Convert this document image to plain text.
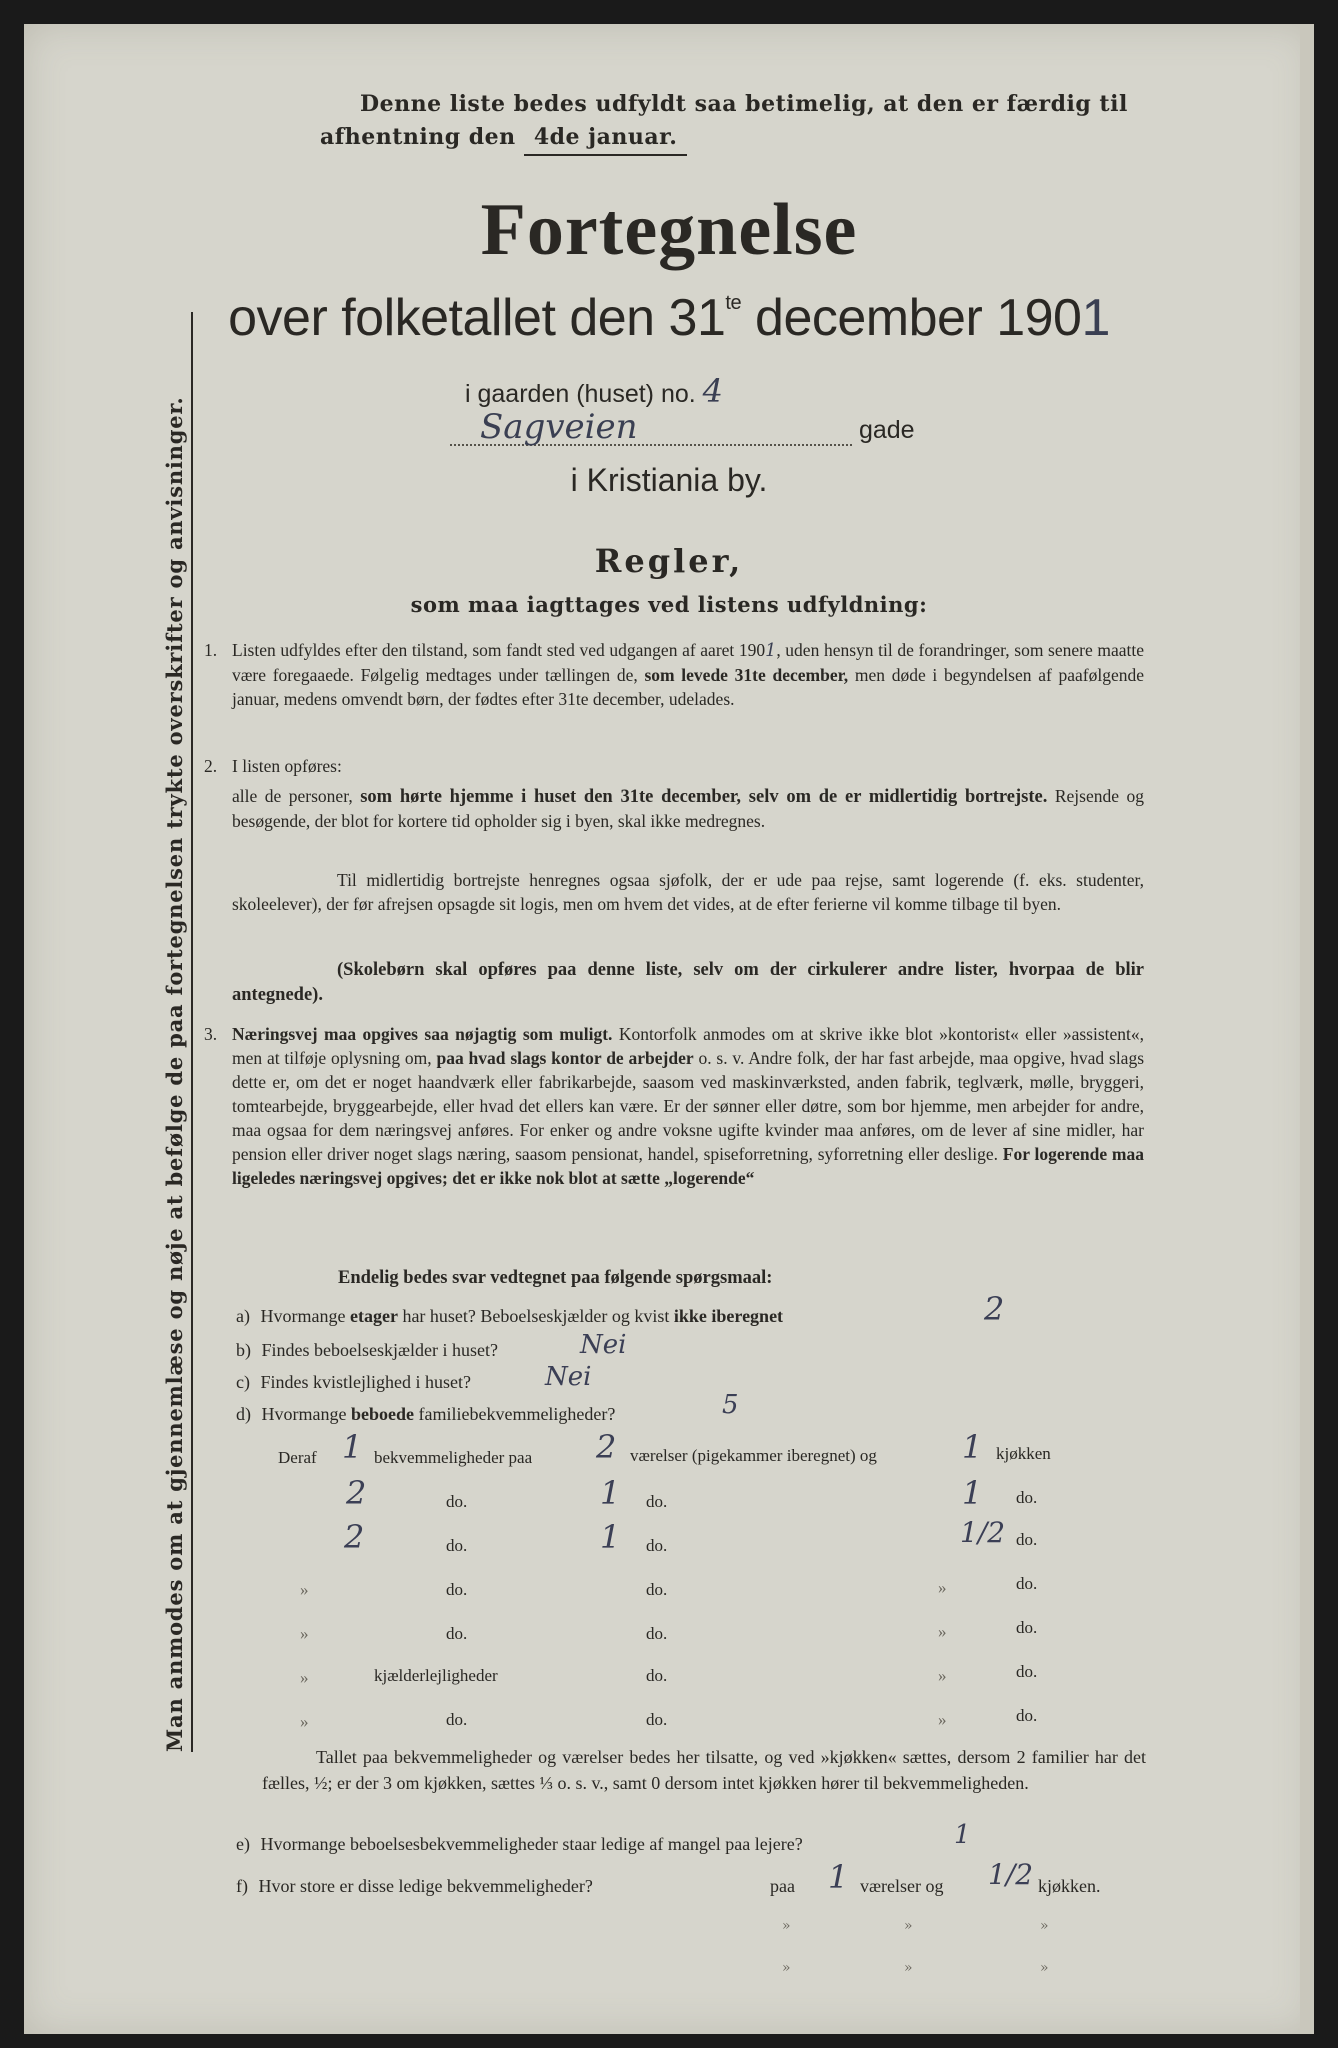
Man anmodes om at gjennemlæse og nøje at befølge de paa fortegnelsen trykte overskrifter og anvisninger.
Denne liste bedes udfyldt saa betimelig, at den er færdig til
afhentning den 4de januar.
Fortegnelse
over folketallet den $31^{te}$ december 1901
i gaarden (huset) no. 4
Sagveien	gade
i Kristiania by.
Regler,
som maa iagttages ved listens udfyldning:
1. Listen udfyldes efter den tilstand, som fandt sted ved udgangen af aaret 1901, uden hensyn til de forandringer, som senere maatte være foregaaede. Følgelig medtages under tællingen de, som levede 31te december, men døde i begyndelsen af paafølgende januar, medens omvendt børn, der fødtes efter 31te december, udelades.
2. I listen opføres:
alle de personer, som hørte hjemme i huset den 31te december, selv om de er midlertidig bortrejste. Rejsende og besøgende, der blot for kortere tid opholder sig i byen, skal ikke medregnes.
Til midlertidig bortrejste henregnes ogsaa sjøfolk, der er ude paa rejse, samt logerende (f. eks. studenter, skoleelever), der før afrejsen opsagde sit logis, men om hvem det vides, at de efter ferierne vil komme tilbage til byen.
(Skolebørn skal opføres paa denne liste, selv om der cirkulerer andre lister, hvorpaa de blir antegnede).
3. Næringsvej maa opgives saa nøjagtig som muligt. Kontorfolk anmodes om at skrive ikke blot »kontorist« eller »assistent«, men at tilføje oplysning om, paa hvad slags kontor de arbejder o. s. v. Andre folk, der har fast arbejde, maa opgive, hvad slags dette er, om det er noget haandværk eller fabrikarbejde, saasom ved maskinværksted, anden fabrik, teglværk, mølle, bryggeri, tomtearbejde, bryggearbejde, eller hvad det ellers kan være. Er der sønner eller døtre, som bor hjemme, men arbejder for andre, maa ogsaa for dem næringsvej anføres. For enker og andre voksne ugifte kvinder maa anføres, om de lever af sine midler, har pension eller driver noget slags næring, saasom pensionat, handel, spiseforretning, syforretning eller deslige. For logerende maa ligeledes næringsvej opgives; det er ikke nok blot at sætte „logerende“
Endelig bedes svar vedtegnet paa følgende spørgsmaal:
a) Hvormange etager har huset? Beboelseskjælder og kvist ikke iberegnet	2
b) Findes beboelseskjælder i huset?	Nei
c) Findes kvistlejlighed i huset?	Nei
d) Hvormange beboede familiebekvemmeligheder?	5
Deraf 1 bekvemmeligheder paa 2 værelser (pigekammer iberegnet) og	1 kjøkken
2	do.	1 do.	1 do.
2	do.	1 do.	1/2 do.
»	do.	do.	»	do.
»	do.	do.	»	do.
»	kjælderlejligheder	do.	»	do.
»	do.	do.	»	do.
Tallet paa bekvemmeligheder og værelser bedes her tilsatte, og ved »kjøkken« sættes, dersom 2 familier har det fælles, ½; er der 3 om kjøkken, sættes ⅓ o. s. v., samt 0 dersom intet kjøkken hører til bekvemmeligheden.
e) Hvormange beboelsesbekvemmeligheder staar ledige af mangel paa lejere?	1
f) Hvor store er disse ledige bekvemmeligheder?	paa 1 værelser og 1/2 kjøkken.
»	»	»
»	»	»
